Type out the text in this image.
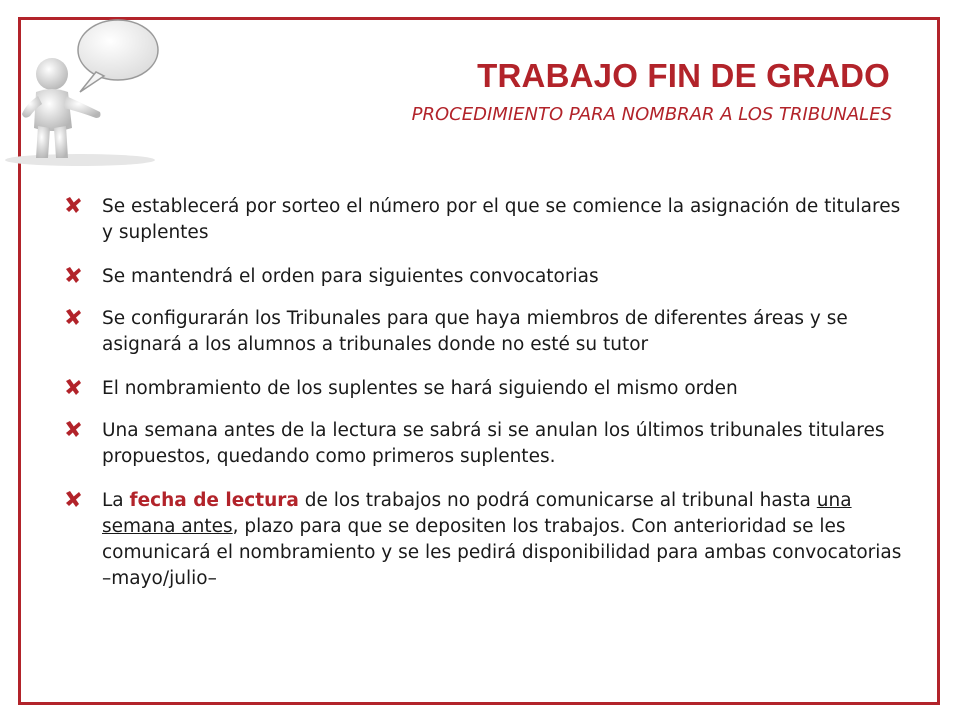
TRABAJO FIN DE GRADO
PROCEDIMIENTO PARA NOMBRAR A LOS TRIBUNALES
Se establecerá por sorteo el número por el que se comience la asignación de titulares y suplentes
Se mantendrá el orden para siguientes convocatorias
Se configurarán los Tribunales para que haya miembros de diferentes áreas y se asignará a los alumnos a tribunales donde no esté su tutor
El nombramiento de los suplentes se hará siguiendo el mismo orden
Una semana antes de la lectura se sabrá si se anulan los últimos tribunales titulares propuestos, quedando como primeros suplentes.
La fecha de lectura de los trabajos no podrá comunicarse al tribunal hasta una semana antes, plazo para que se depositen los trabajos. Con anterioridad se les comunicará el nombramiento y se les pedirá disponibilidad para ambas convocatorias –mayo/julio–
